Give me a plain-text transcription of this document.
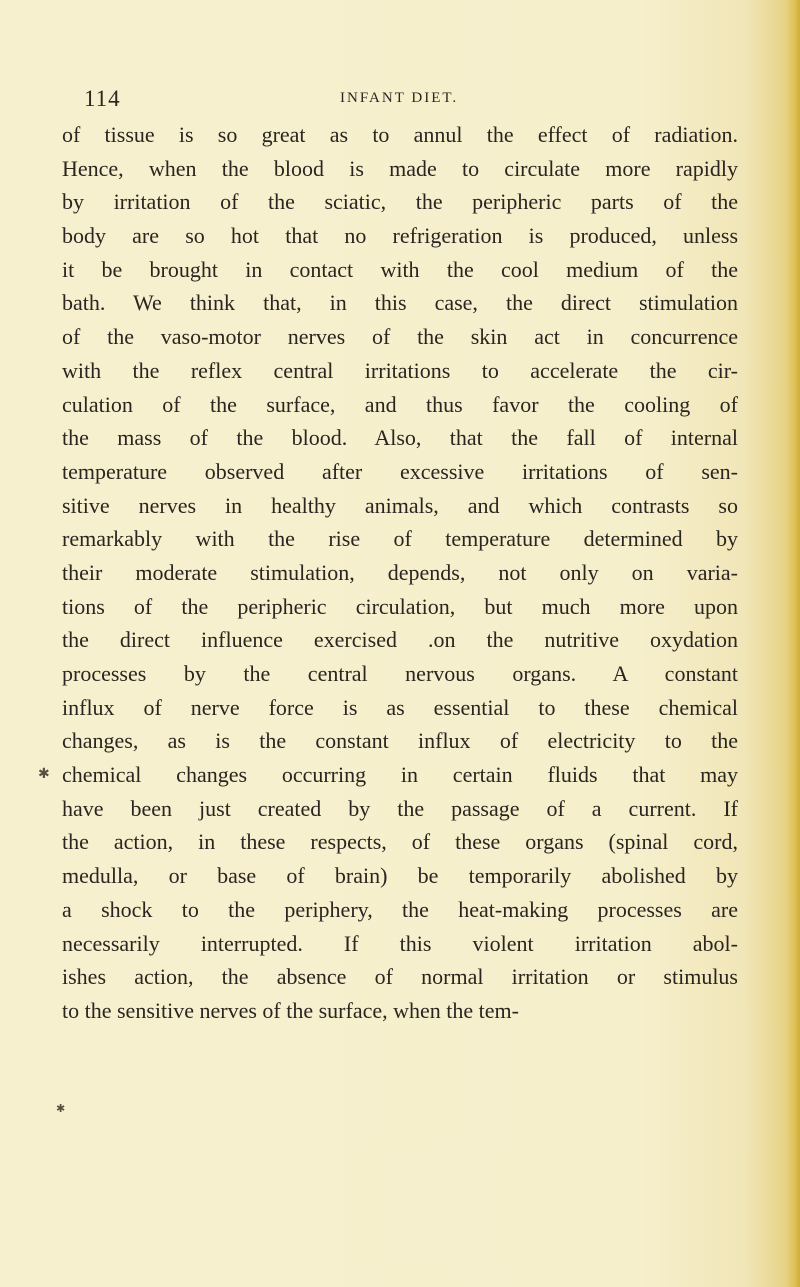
114	INFANT DIET.
✱
✱
of tissue is so great as to annul the effect of radiation.
Hence, when the blood is made to circulate more rapidly
by irritation of the sciatic, the peripheric parts of the
body are so hot that no refrigeration is produced, unless
it be brought in contact with the cool medium of the
bath. We think that, in this case, the direct stimulation
of the vaso-motor nerves of the skin act in concurrence
with the reflex central irritations to accelerate the cir-
culation of the surface, and thus favor the cooling of
the mass of the blood. Also, that the fall of internal
temperature observed after excessive irritations of sen-
sitive nerves in healthy animals, and which contrasts so
remarkably with the rise of temperature determined by
their moderate stimulation, depends, not only on varia-
tions of the peripheric circulation, but much more upon
the direct influence exercised .on the nutritive oxydation
processes by the central nervous organs. A constant
influx of nerve force is as essential to these chemical
changes, as is the constant influx of electricity to the
chemical changes occurring in certain fluids that may
have been just created by the passage of a current. If
the action, in these respects, of these organs (spinal cord,
medulla, or base of brain) be temporarily abolished by
a shock to the periphery, the heat-making processes are
necessarily interrupted. If this violent irritation abol-
ishes action, the absence of normal irritation or stimulus
to the sensitive nerves of the surface, when the tem-
